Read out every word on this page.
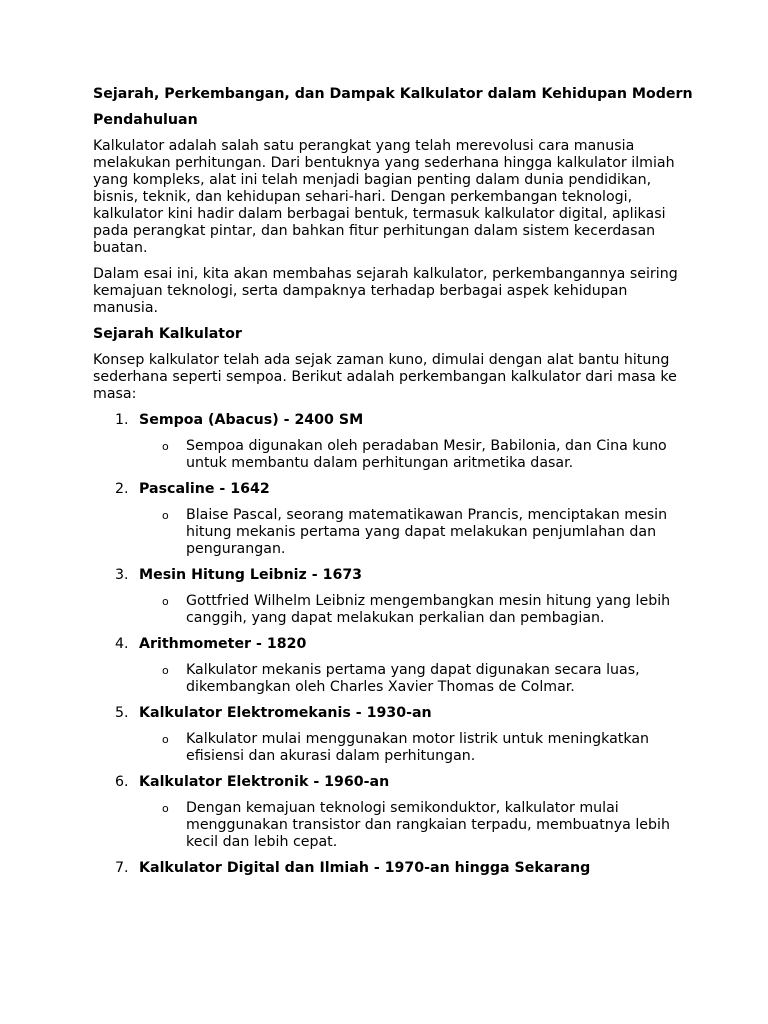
Sejarah, Perkembangan, dan Dampak Kalkulator dalam Kehidupan Modern
Pendahuluan
Kalkulator adalah salah satu perangkat yang telah merevolusi cara manusia melakukan perhitungan. Dari bentuknya yang sederhana hingga kalkulator ilmiah yang kompleks, alat ini telah menjadi bagian penting dalam dunia pendidikan, bisnis, teknik, dan kehidupan sehari-hari. Dengan perkembangan teknologi, kalkulator kini hadir dalam berbagai bentuk, termasuk kalkulator digital, aplikasi pada perangkat pintar, dan bahkan fitur perhitungan dalam sistem kecerdasan buatan.
Dalam esai ini, kita akan membahas sejarah kalkulator, perkembangannya seiring kemajuan teknologi, serta dampaknya terhadap berbagai aspek kehidupan manusia.
Sejarah Kalkulator
Konsep kalkulator telah ada sejak zaman kuno, dimulai dengan alat bantu hitung sederhana seperti sempoa. Berikut adalah perkembangan kalkulator dari masa ke masa:
1. Sempoa (Abacus) - 2400 SM
o	Sempoa digunakan oleh peradaban Mesir, Babilonia, dan Cina kuno untuk membantu dalam perhitungan aritmetika dasar.
2. Pascaline - 1642
o	Blaise Pascal, seorang matematikawan Prancis, menciptakan mesin hitung mekanis pertama yang dapat melakukan penjumlahan dan pengurangan.
3. Mesin Hitung Leibniz - 1673
o	Gottfried Wilhelm Leibniz mengembangkan mesin hitung yang lebih canggih, yang dapat melakukan perkalian dan pembagian.
4. Arithmometer - 1820
o	Kalkulator mekanis pertama yang dapat digunakan secara luas, dikembangkan oleh Charles Xavier Thomas de Colmar.
5. Kalkulator Elektromekanis - 1930-an
o	Kalkulator mulai menggunakan motor listrik untuk meningkatkan efisiensi dan akurasi dalam perhitungan.
6. Kalkulator Elektronik - 1960-an
o	Dengan kemajuan teknologi semikonduktor, kalkulator mulai menggunakan transistor dan rangkaian terpadu, membuatnya lebih kecil dan lebih cepat.
7. Kalkulator Digital dan Ilmiah - 1970-an hingga Sekarang
